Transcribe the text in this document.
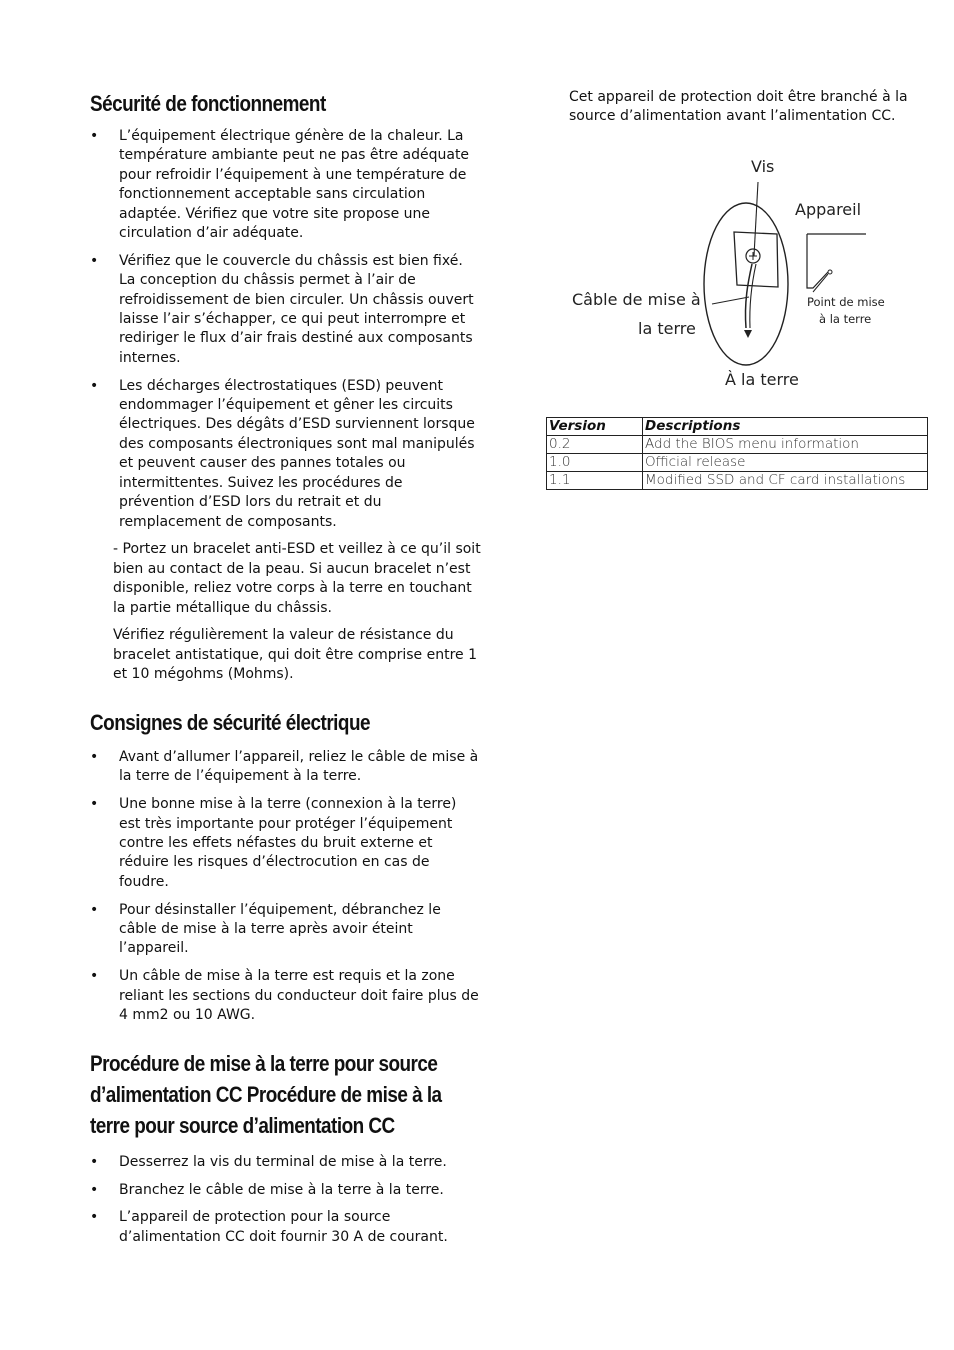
Sécurité de fonctionnement
• L’équipement électrique génère de la chaleur. La température ambiante peut ne pas être adéquate pour refroidir l’équipement à une température de fonctionnement acceptable sans circulation adaptée. Vérifiez que votre site propose une circulation d’air adéquate.
• Vérifiez que le couvercle du châssis est bien fixé. La conception du châssis permet à l’air de refroidissement de bien circuler. Un châssis ouvert laisse l’air s’échapper, ce qui peut interrompre et rediriger le flux d’air frais destiné aux composants internes.
• Les décharges électrostatiques (ESD) peuvent endommager l’équipement et gêner les circuits électriques. Des dégâts d’ESD surviennent lorsque des composants électroniques sont mal manipulés et peuvent causer des pannes totales ou intermittentes. Suivez les procédures de prévention d’ESD lors du retrait et du remplacement de composants.

- Portez un bracelet anti-ESD et veillez à ce qu’il soit bien au contact de la peau. Si aucun bracelet n’est disponible, reliez votre corps à la terre en touchant la partie métallique du châssis.

Vérifiez régulièrement la valeur de résistance du bracelet antistatique, qui doit être comprise entre 1 et 10 mégohms (Mohms).

Consignes de sécurité électrique
• Avant d’allumer l’appareil, reliez le câble de mise à la terre de l’équipement à la terre.
• Une bonne mise à la terre (connexion à la terre) est très importante pour protéger l’équipement contre les effets néfastes du bruit externe et réduire les risques d’électrocution en cas de foudre.
• Pour désinstaller l’équipement, débranchez le câble de mise à la terre après avoir éteint l’appareil.
• Un câble de mise à la terre est requis et la zone reliant les sections du conducteur doit faire plus de 4 mm2 ou 10 AWG.
Procédure de mise à la terre pour source d’alimentation CC Procédure de mise à la terre pour source d’alimentation CC
• Desserrez la vis du terminal de mise à la terre.
• Branchez le câble de mise à la terre à la terre.
• L’appareil de protection pour la source d’alimentation CC doit fournir 30 A de courant.

Cet appareil de protection doit être branché à la source d’alimentation avant l’alimentation CC.

Vis
Appareil
Câble de mise à
la terre
Point de mise
à la terre
À la terre
Version	Descriptions
0.2	Add the BIOS menu information
1.0	Official release
1.1	Modified SSD and CF card installations
